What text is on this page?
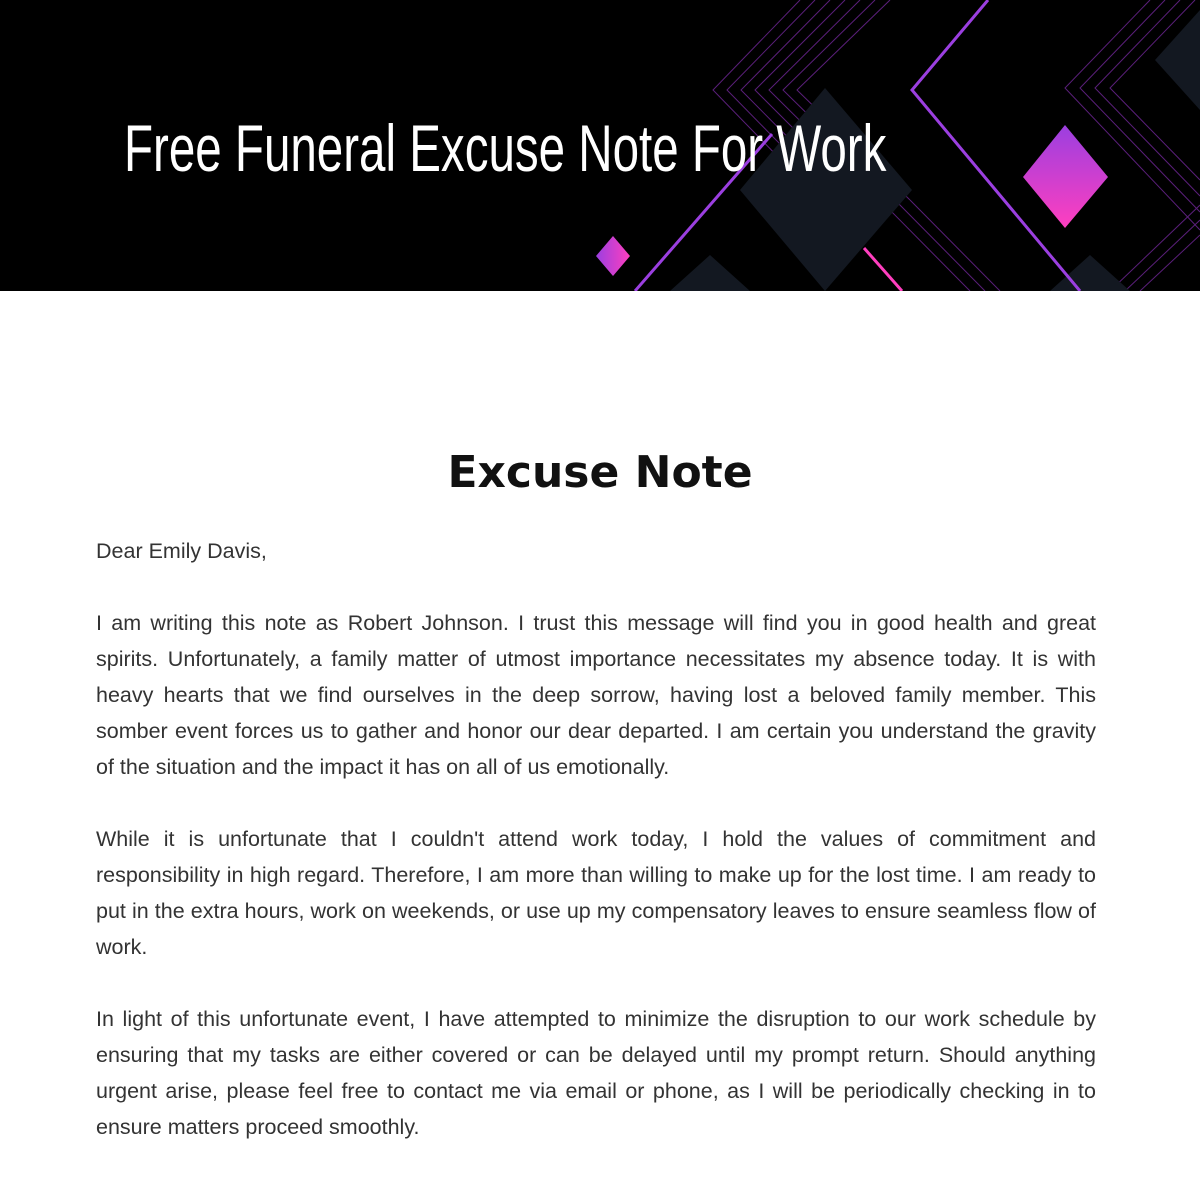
Free Funeral Excuse Note For Work
Excuse Note

Dear Emily Davis,

I am writing this note as Robert Johnson. I trust this message will find you in good health and great spirits. Unfortunately, a family matter of utmost importance necessitates my absence today. It is with heavy hearts that we find ourselves in the deep sorrow, having lost a beloved family member. This somber event forces us to gather and honor our dear departed. I am certain you understand the gravity of the situation and the impact it has on all of us emotionally.

While it is unfortunate that I couldn't attend work today, I hold the values of commitment and responsibility in high regard. Therefore, I am more than willing to make up for the lost time. I am ready to put in the extra hours, work on weekends, or use up my compensatory leaves to ensure seamless flow of work.

In light of this unfortunate event, I have attempted to minimize the disruption to our work schedule by ensuring that my tasks are either covered or can be delayed until my prompt return. Should anything urgent arise, please feel free to contact me via email or phone, as I will be periodically checking in to ensure matters proceed smoothly.
